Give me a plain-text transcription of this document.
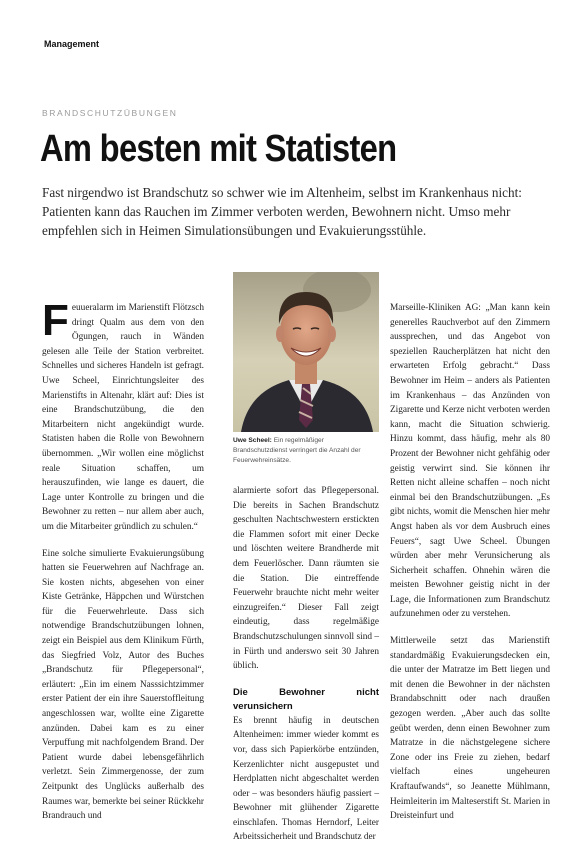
Management
BRANDSCHUTZÜBUNGEN
Am besten mit Statisten
Fast nirgendwo ist Brandschutz so schwer wie im Altenheim, selbst im Krankenhaus nicht: Patienten kann das Rauchen im Zimmer verboten werden, Bewohnern nicht. Umso mehr empfehlen sich in Heimen Simulationsübungen und Evakuierungsstühle.

Feuueralarm im Marienstift Flötzsch dringt Qualm aus dem von den Ögungen, rauch in Wänden gelesen alle Teile der Station verbreitet. Schnelles und sicheres Handeln ist gefragt. Uwe Scheel, Einrichtungsleiter des Marienstifts in Altenahr, klärt auf: Dies ist eine Brandschutzübung, die den Mitarbeitern nicht angekündigt wurde. Statisten haben die Rolle von Bewohnern übernommen. „Wir wollen eine möglichst reale Situation schaffen, um herauszufinden, wie lange es dauert, die Lage unter Kontrolle zu bringen und die Bewohner zu retten – nur allem aber auch, um die Mitarbeiter gründlich zu schulen.“

Eine solche simulierte Evakuierungsübung hatten sie Feuerwehren auf Nachfrage an. Sie kosten nichts, abgesehen von einer Kiste Getränke, Häppchen und Würstchen für die Feuerwehrleute. Dass sich notwendige Brandschutzübungen lohnen, zeigt ein Beispiel aus dem Klinikum Fürth, das Siegfried Volz, Autor des Buches „Brandschutz für Pflegepersonal“, erläutert: „Ein im einem Nasssichtzimmer erster Patient der ein ihre Sauerstoffleitung angeschlossen war, wollte eine Zigarette anzünden. Dabei kam es zu einer Verpuffung mit nachfolgendem Brand. Der Patient wurde dabei lebensgefährlich verletzt. Sein Zimmergenosse, der zum Zeitpunkt des Unglücks außerhalb des Raumes war, bemerkte bei seiner Rückkehr Brandrauch und

Uwe Scheel: Ein regelmäßiger Brandschutzdienst verringert die Anzahl der Feuerwehreinsätze.

alarmierte sofort das Pflegepersonal. Die bereits in Sachen Brandschutz geschulten Nachtschwestern erstickten die Flammen sofort mit einer Decke und löschten weitere Brandherde mit dem Feuerlöscher. Dann räumten sie die Station. Die eintreffende Feuerwehr brauchte nicht mehr weiter einzugreifen.“ Dieser Fall zeigt eindeutig, dass regelmäßige Brandschutzschulungen sinnvoll sind – in Fürth und anderswo seit 30 Jahren üblich.

Die Bewohner nicht verunsichern

Es brennt häufig in deutschen Altenheimen: immer wieder kommt es vor, dass sich Papierkörbe entzünden, Kerzenlichter nicht ausgepustet und Herdplatten nicht abgeschaltet werden oder – was besonders häufig passiert – Bewohner mit glühender Zigarette einschlafen. Thomas Herndorf, Leiter Arbeitssicherheit und Brandschutz der

Marseille-Kliniken AG: „Man kann kein generelles Rauchverbot auf den Zimmern aussprechen, und das Angebot von speziellen Raucherplätzen hat nicht den erwarteten Erfolg gebracht.“ Dass Bewohner im Heim – anders als Patienten im Krankenhaus – das Anzünden von Zigarette und Kerze nicht verboten werden kann, macht die Situation schwierig. Hinzu kommt, dass häufig, mehr als 80 Prozent der Bewohner nicht gehfähig oder geistig verwirrt sind. Sie können ihr Retten nicht alleine schaffen – noch nicht einmal bei den Brandschutzübungen. „Es gibt nichts, womit die Menschen hier mehr Angst haben als vor dem Ausbruch eines Feuers“, sagt Uwe Scheel. Übungen würden aber mehr Verunsicherung als Sicherheit schaffen. Ohnehin wären die meisten Bewohner geistig nicht in der Lage, die Informationen zum Brandschutz aufzunehmen oder zu verstehen.

Mittlerweile setzt das Marienstift standardmäßig Evakuierungsdecken ein, die unter der Matratze im Bett liegen und mit denen die Bewohner in der nächsten Brandabschnitt oder nach draußen gezogen werden. „Aber auch das sollte geübt werden, denn einen Bewohner zum Matratze in die nächstgelegene sichere Zone oder ins Freie zu ziehen, bedarf vielfach eines ungeheuren Kraftaufwands“, so Jeanette Mühlmann, Heimleiterin im Malteserstift St. Marien in Dreisteinfurt und
